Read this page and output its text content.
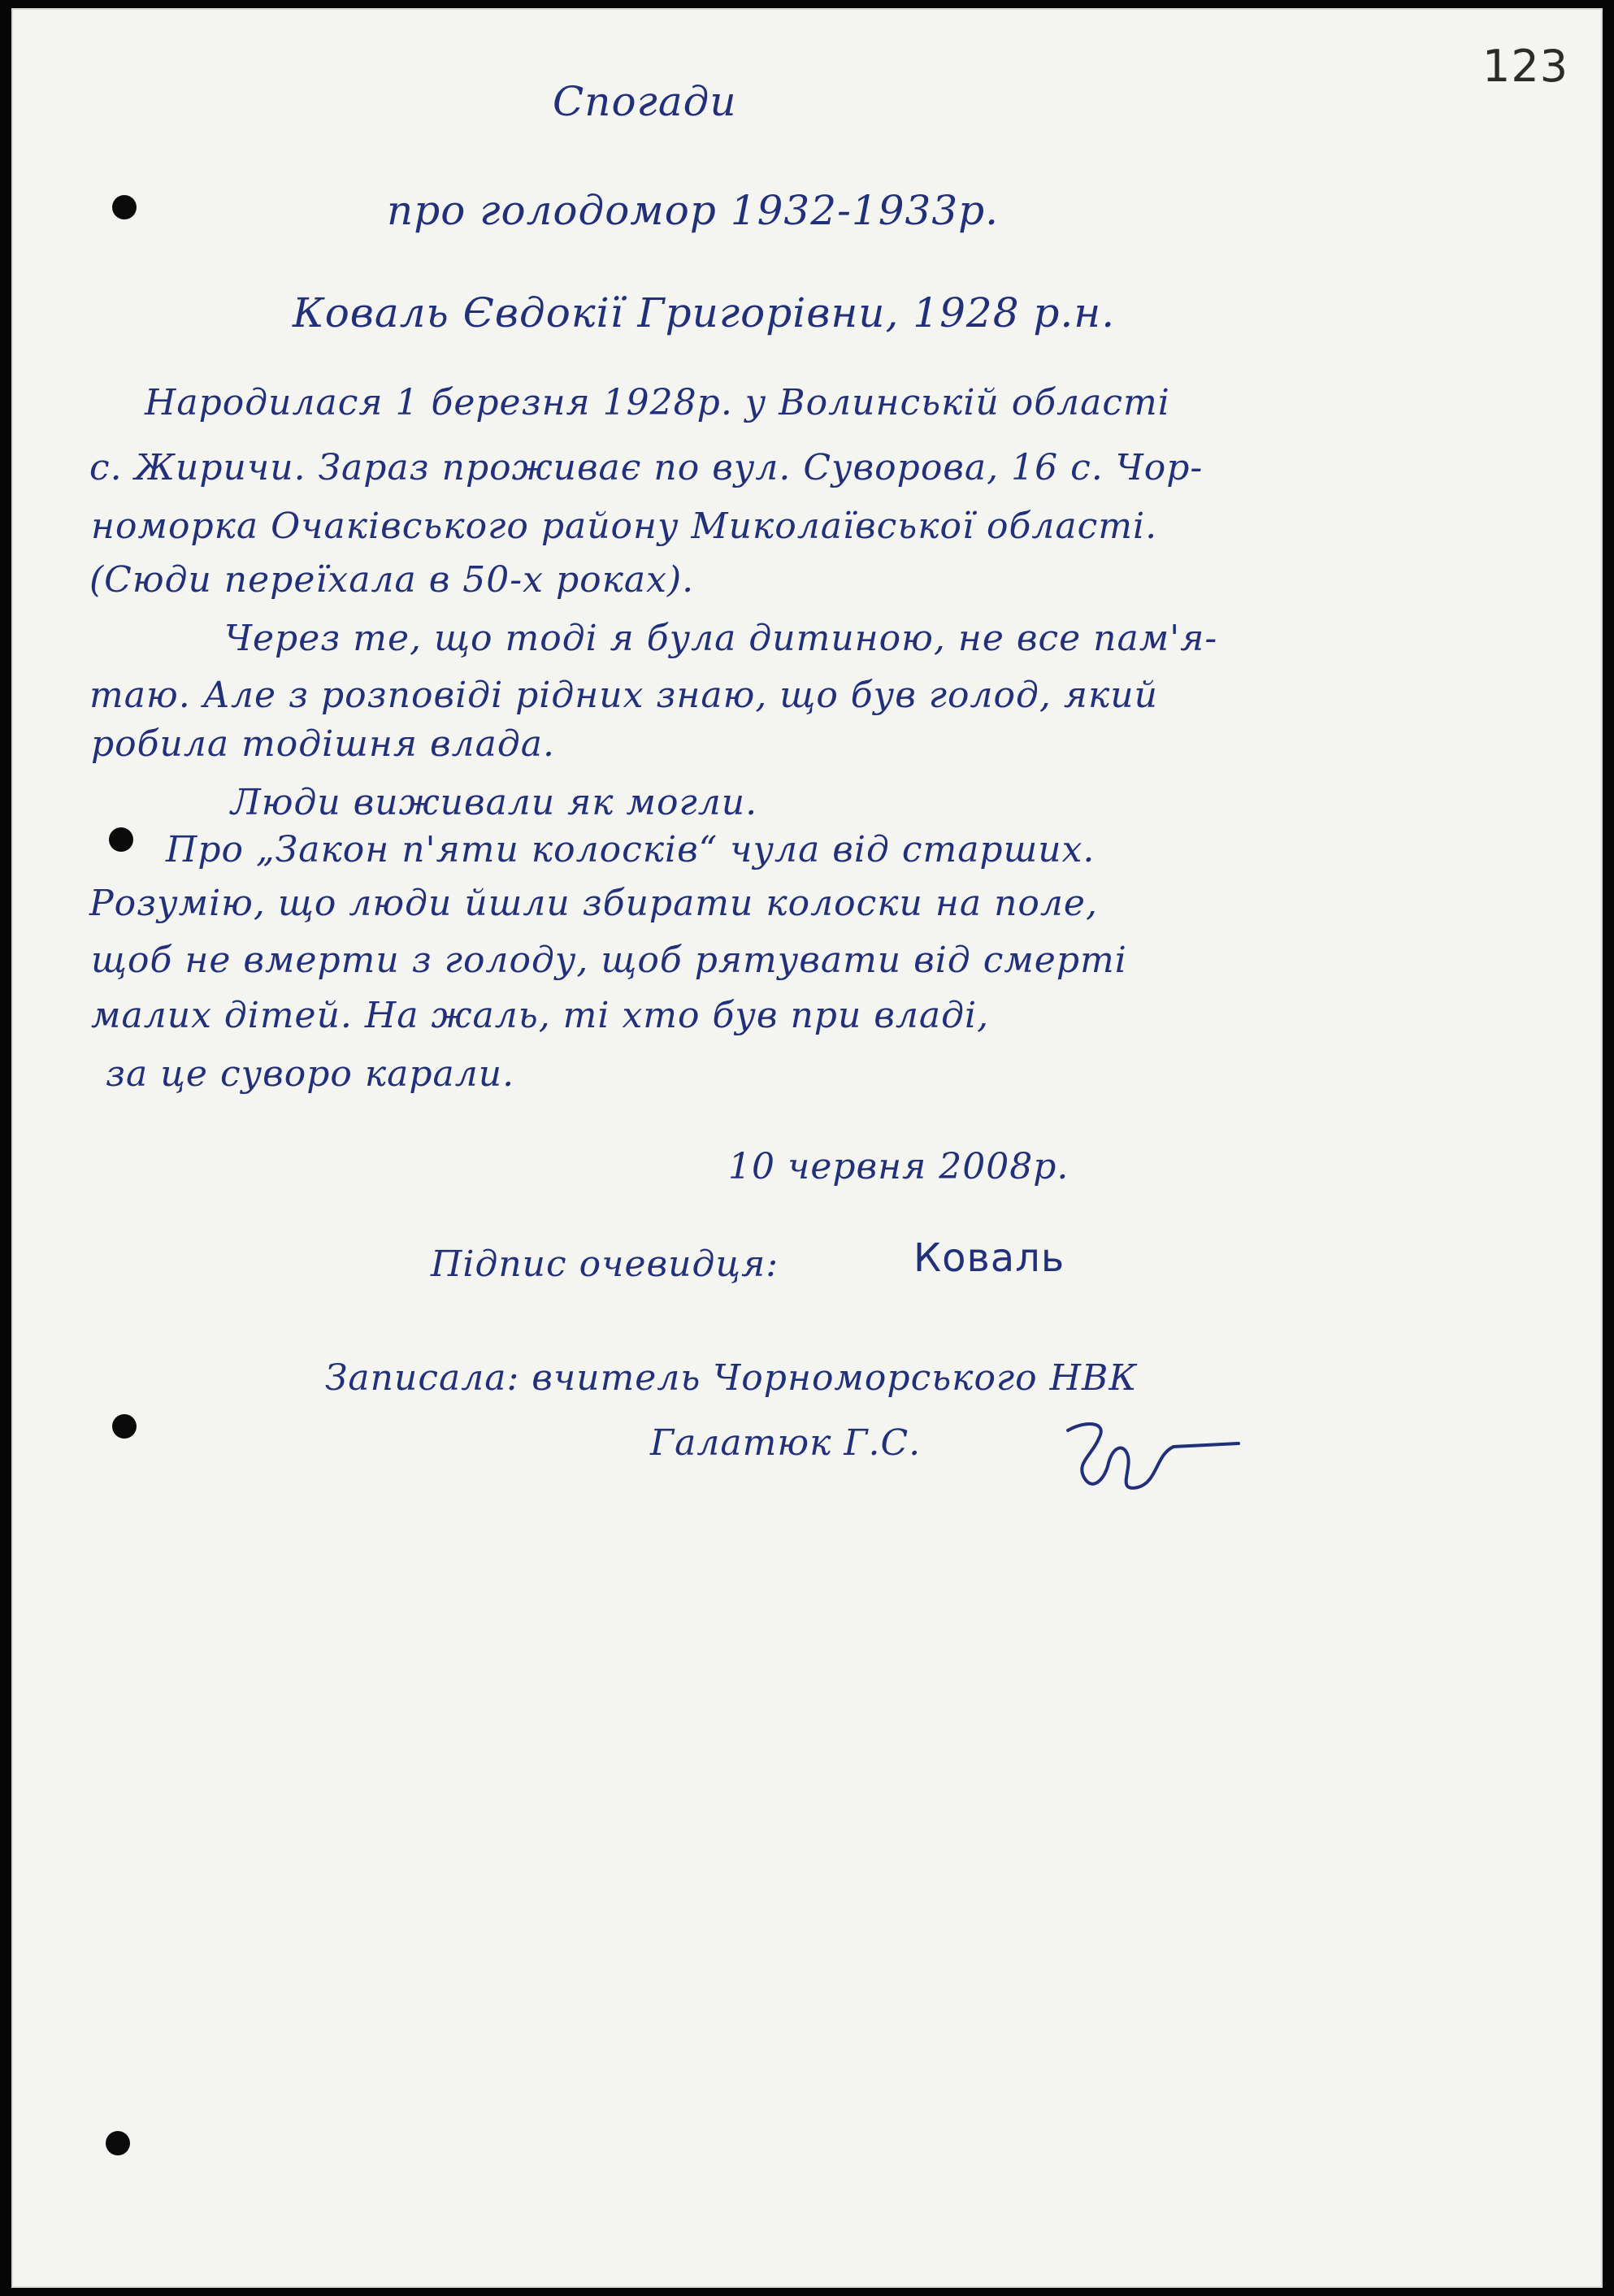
123
Спогади
про голодомор 1932-1933р.
Коваль Євдокії Григорівни, 1928 р.н.
Народилася 1 березня 1928р. у Волинській області
с. Жиричи. Зараз проживає по вул. Суворова, 16 с. Чор-
номорка Очаківського району Миколаївської області.
(Сюди переїхала в 50-х роках).
Через те, що тоді я була дитиною, не все пам'я-
таю. Але з розповіді рідних знаю, що був голод, який
робила тодішня влада.
Люди виживали як могли.
Про „Закон п'яти колосків“ чула від старших.
Розумію, що люди йшли збирати колоски на поле,
щоб не вмерти з голоду, щоб рятувати від смерті
малих дітей. На жаль, ті хто був при владі,
за це суворо карали.
10 червня 2008р.
Підпис очевидця:	Коваль
Записала: вчитель Чорноморського НВК
Галатюк Г.С.
